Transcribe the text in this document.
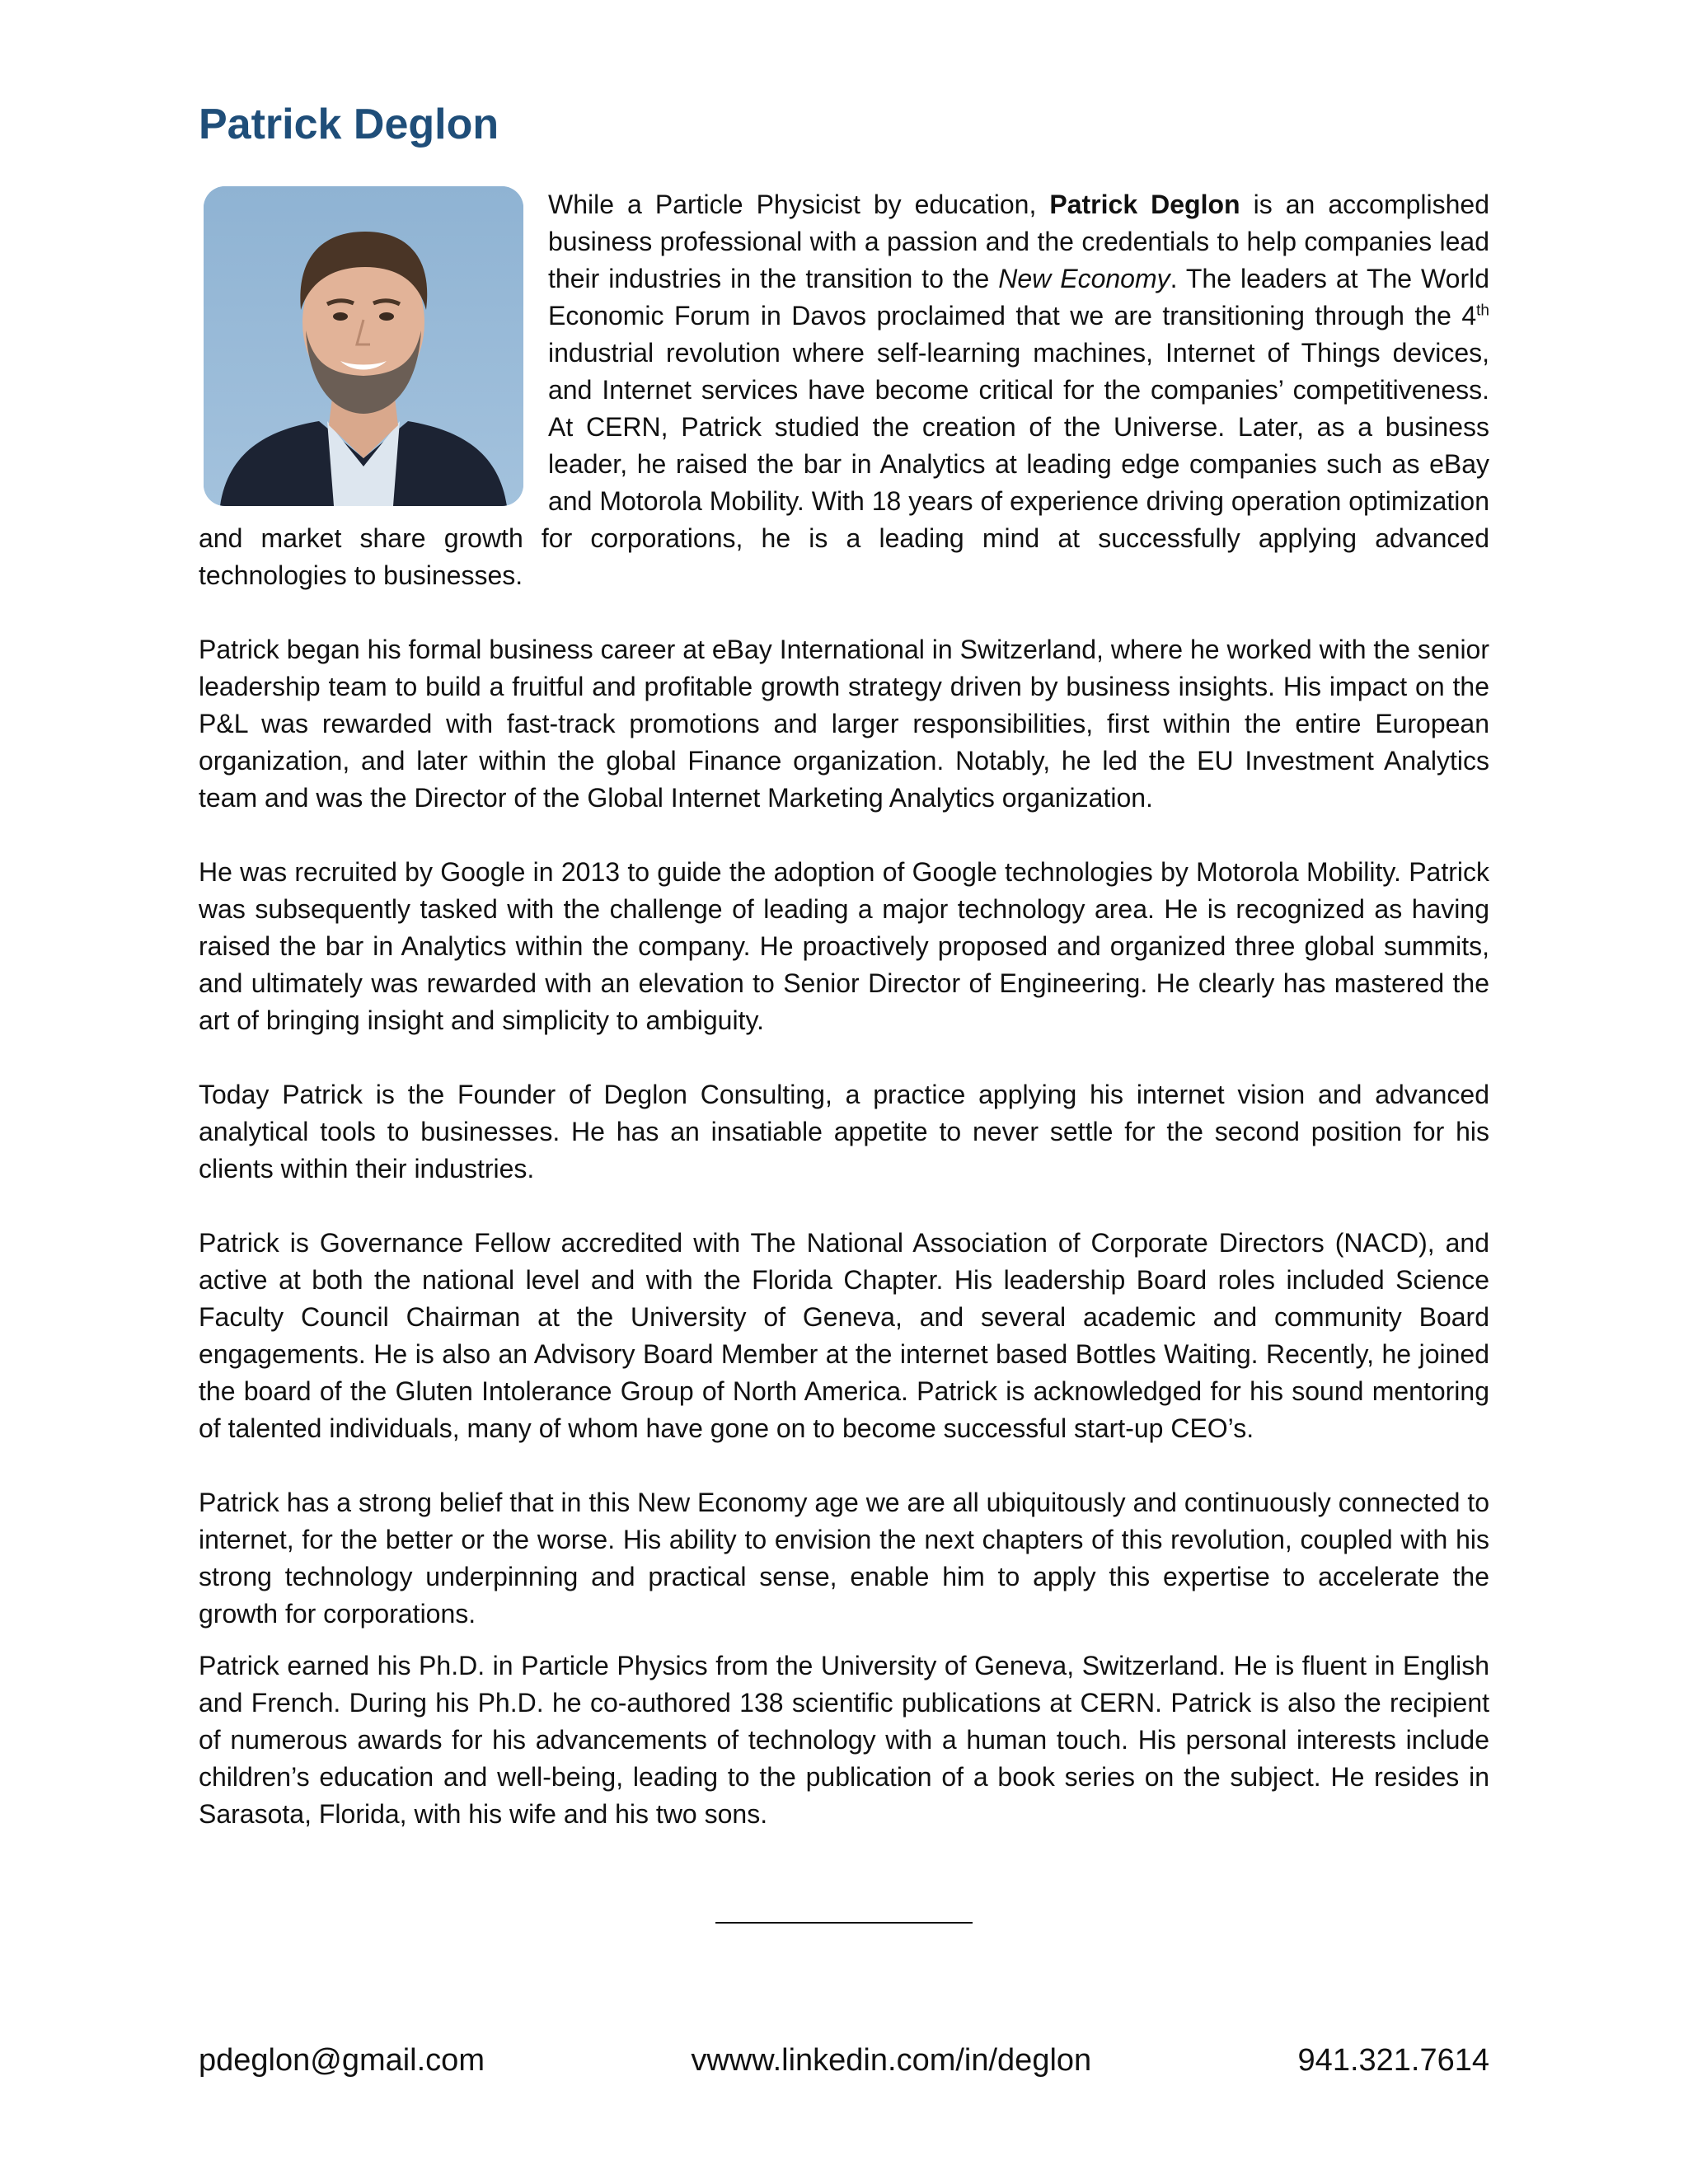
Patrick Deglon

While a Particle Physicist by education, Patrick Deglon is an accomplished business professional with a passion and the credentials to help companies lead their industries in the transition to the New Economy. The leaders at The World Economic Forum in Davos proclaimed that we are transitioning through the 4th industrial revolution where self-learning machines, Internet of Things devices, and Internet services have become critical for the companies’ competitiveness. At CERN, Patrick studied the creation of the Universe. Later, as a business leader, he raised the bar in Analytics at leading edge companies such as eBay and Motorola Mobility. With 18 years of experience driving operation optimization and market share growth for corporations, he is a leading mind at successfully applying advanced technologies to businesses.

Patrick began his formal business career at eBay International in Switzerland, where he worked with the senior leadership team to build a fruitful and profitable growth strategy driven by business insights. His impact on the P&L was rewarded with fast-track promotions and larger responsibilities, first within the entire European organization, and later within the global Finance organization. Notably, he led the EU Investment Analytics team and was the Director of the Global Internet Marketing Analytics organization.

He was recruited by Google in 2013 to guide the adoption of Google technologies by Motorola Mobility. Patrick was subsequently tasked with the challenge of leading a major technology area. He is recognized as having raised the bar in Analytics within the company. He proactively proposed and organized three global summits, and ultimately was rewarded with an elevation to Senior Director of Engineering. He clearly has mastered the art of bringing insight and simplicity to ambiguity.

Today Patrick is the Founder of Deglon Consulting, a practice applying his internet vision and advanced analytical tools to businesses. He has an insatiable appetite to never settle for the second position for his clients within their industries.

Patrick is Governance Fellow accredited with The National Association of Corporate Directors (NACD), and active at both the national level and with the Florida Chapter. His leadership Board roles included Science Faculty Council Chairman at the University of Geneva, and several academic and community Board engagements. He is also an Advisory Board Member at the internet based Bottles Waiting. Recently, he joined the board of the Gluten Intolerance Group of North America. Patrick is acknowledged for his sound mentoring of talented individuals, many of whom have gone on to become successful start-up CEO’s.

Patrick has a strong belief that in this New Economy age we are all ubiquitously and continuously connected to internet, for the better or the worse. His ability to envision the next chapters of this revolution, coupled with his strong technology underpinning and practical sense, enable him to apply this expertise to accelerate the growth for corporations.

Patrick earned his Ph.D. in Particle Physics from the University of Geneva, Switzerland. He is fluent in English and French. During his Ph.D. he co-authored 138 scientific publications at CERN. Patrick is also the recipient of numerous awards for his advancements of technology with a human touch. His personal interests include children’s education and well-being, leading to the publication of a book series on the subject. He resides in Sarasota, Florida, with his wife and his two sons.

pdeglon@gmail.com	vwww.linkedin.com/in/deglon	941.321.7614
